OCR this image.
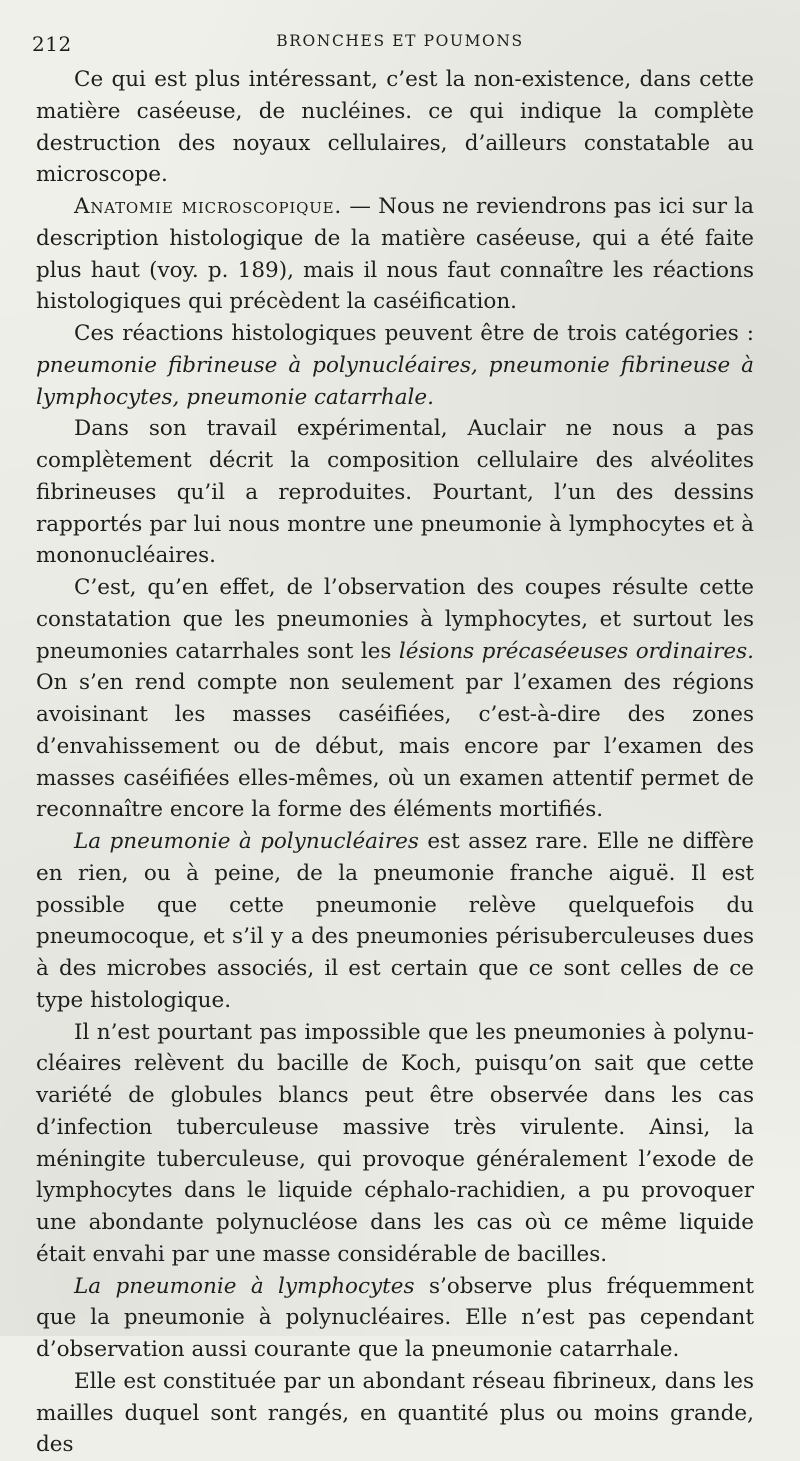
212	BRONCHES ET POUMONS

Ce qui est plus intéressant, c’est la non-existence, dans cette matière caséeuse, de nucléines. ce qui indique la complète destruction des noyaux cellulaires, d’ailleurs constatable au microscope.

Anatomie microscopique. — Nous ne reviendrons pas ici sur la description histologique de la matière caséeuse, qui a été faite plus haut (voy. p. 189), mais il nous faut connaître les réactions histologiques qui précèdent la caséification.

Ces réactions histologiques peuvent être de trois catégories : pneumonie fibrineuse à polynucléaires, pneumonie fibrineuse à lymphocytes, pneumonie catarrhale.

Dans son travail expérimental, Auclair ne nous a pas complètement décrit la composition cellulaire des alvéolites fibrineuses qu’il a reproduites. Pourtant, l’un des dessins rapportés par lui nous montre une pneumonie à lymphocytes et à mononucléaires.

C’est, qu’en effet, de l’observation des coupes résulte cette constatation que les pneumonies à lymphocytes, et surtout les pneumonies catarrhales sont les lésions précaséeuses ordinaires. On s’en rend compte non seulement par l’examen des régions avoisinant les masses caséifiées, c’est-à-dire des zones d’envahissement ou de début, mais encore par l’examen des masses caséifiées elles-mêmes, où un examen attentif permet de reconnaître encore la forme des éléments mortifiés.

La pneumonie à polynucléaires est assez rare. Elle ne diffère en rien, ou à peine, de la pneumonie franche aiguë. Il est possible que cette pneumonie relève quelquefois du pneumocoque, et s’il y a des pneumonies périsuberculeuses dues à des microbes associés, il est certain que ce sont celles de ce type histologique.

Il n’est pourtant pas impossible que les pneumonies à polynucléaires relèvent du bacille de Koch, puisqu’on sait que cette variété de globules blancs peut être observée dans les cas d’infection tuberculeuse massive très virulente. Ainsi, la méningite tuberculeuse, qui provoque généralement l’exode de lymphocytes dans le liquide céphalo-rachidien, a pu provoquer une abondante polynucléose dans les cas où ce même liquide était envahi par une masse considérable de bacilles.

La pneumonie à lymphocytes s’observe plus fréquemment que la pneumonie à polynucléaires. Elle n’est pas cependant d’observation aussi courante que la pneumonie catarrhale.

Elle est constituée par un abondant réseau fibrineux, dans les mailles duquel sont rangés, en quantité plus ou moins grande, des
